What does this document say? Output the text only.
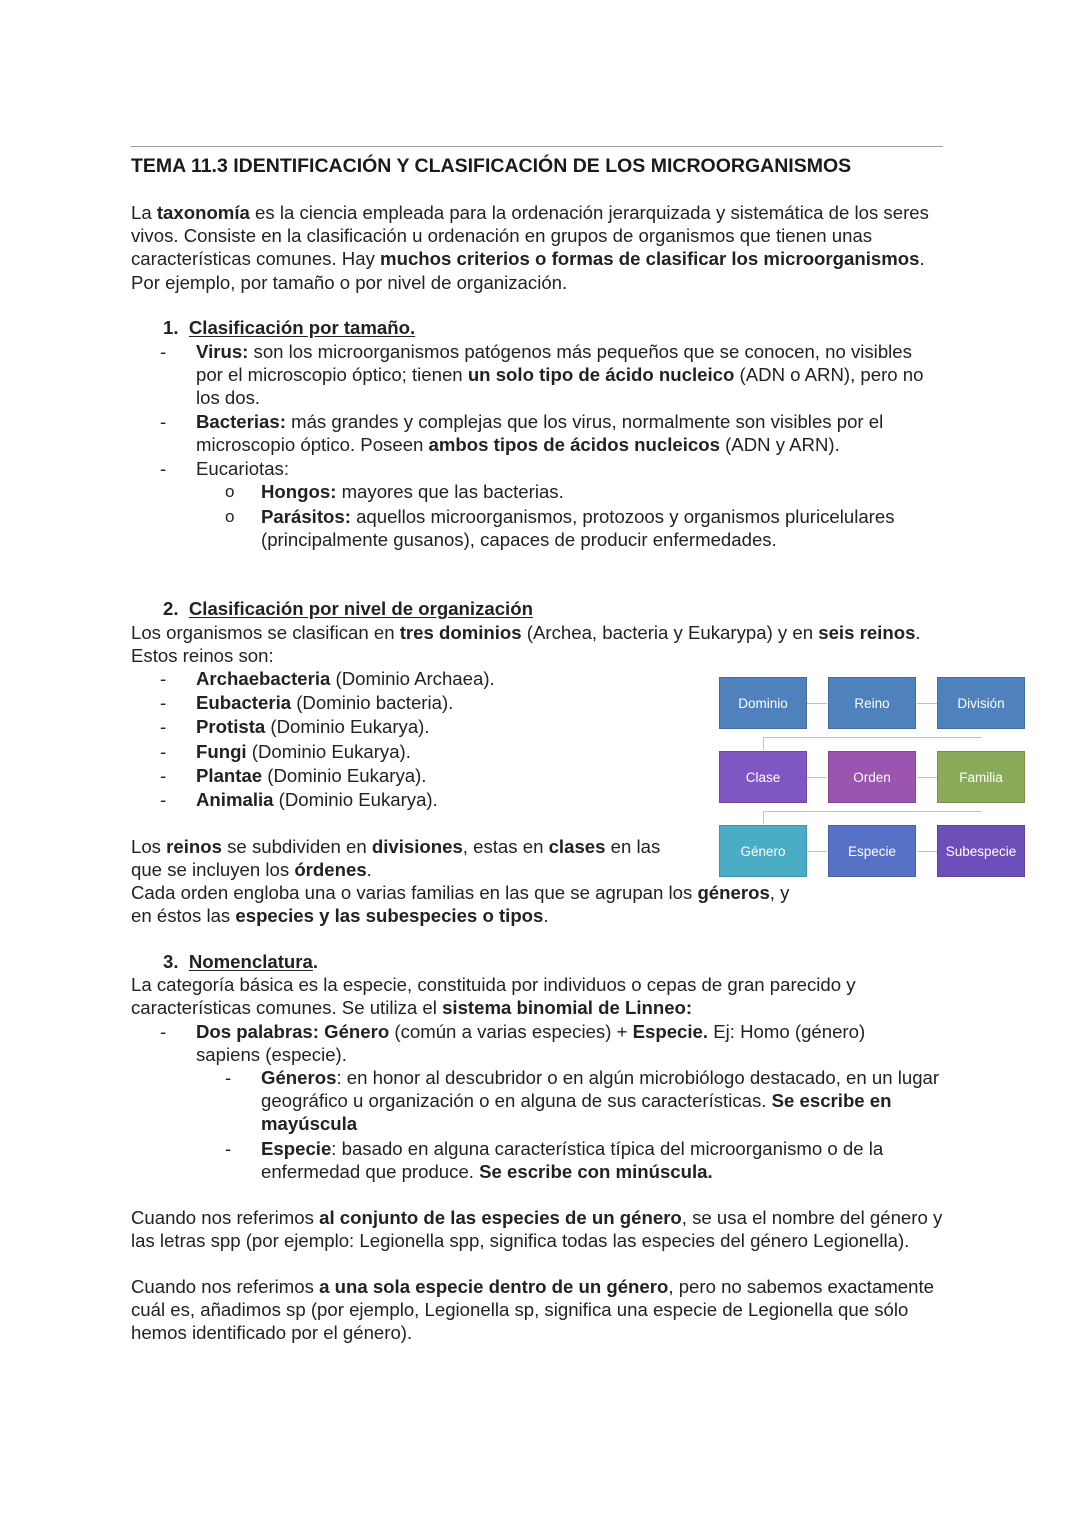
TEMA 11.3 IDENTIFICACIÓN Y CLASIFICACIÓN DE LOS MICROORGANISMOS

La taxonomía es la ciencia empleada para la ordenación jerarquizada y sistemática de los seres vivos. Consiste en la clasificación u ordenación en grupos de organismos que tienen unas características comunes. Hay muchos criterios o formas de clasificar los microorganismos. Por ejemplo, por tamaño o por nivel de organización.

1. Clasificación por tamaño.
- Virus: son los microorganismos patógenos más pequeños que se conocen, no visibles por el microscopio óptico; tienen un solo tipo de ácido nucleico (ADN o ARN), pero no los dos.
- Bacterias: más grandes y complejas que los virus, normalmente son visibles por el microscopio óptico. Poseen ambos tipos de ácidos nucleicos (ADN y ARN).
- Eucariotas:
o Hongos: mayores que las bacterias.
o Parásitos: aquellos microorganismos, protozoos y organismos pluricelulares (principalmente gusanos), capaces de producir enfermedades.
2. Clasificación por nivel de organización

Los organismos se clasifican en tres dominios (Archea, bacteria y Eukarypa) y en seis reinos. Estos reinos son:

- Archaebacteria (Dominio Archaea).
- Eubacteria (Dominio bacteria).
- Protista (Dominio Eukarya).
- Fungi (Dominio Eukarya).
- Plantae (Dominio Eukarya).
- Animalia (Dominio Eukarya).

Los reinos se subdividen en divisiones, estas en clases en las que se incluyen los órdenes.

Cada orden engloba una o varias familias en las que se agrupan los géneros, y en éstos las especies y las subespecies o tipos.

Dominio	Reino	División
Clase	Orden	Familia
Género	Especie	Subespecie
3. Nomenclatura.

La categoría básica es la especie, constituida por individuos o cepas de gran parecido y características comunes. Se utiliza el sistema binomial de Linneo:

- Dos palabras: Género (común a varias especies) + Especie. Ej: Homo (género) sapiens (especie).
- Géneros: en honor al descubridor o en algún microbiólogo destacado, en un lugar geográfico u organización o en alguna de sus características. Se escribe en mayúscula
- Especie: basado en alguna característica típica del microorganismo o de la enfermedad que produce. Se escribe con minúscula.

Cuando nos referimos al conjunto de las especies de un género, se usa el nombre del género y las letras spp (por ejemplo: Legionella spp, significa todas las especies del género Legionella).

Cuando nos referimos a una sola especie dentro de un género, pero no sabemos exactamente cuál es, añadimos sp (por ejemplo, Legionella sp, significa una especie de Legionella que sólo hemos identificado por el género).
